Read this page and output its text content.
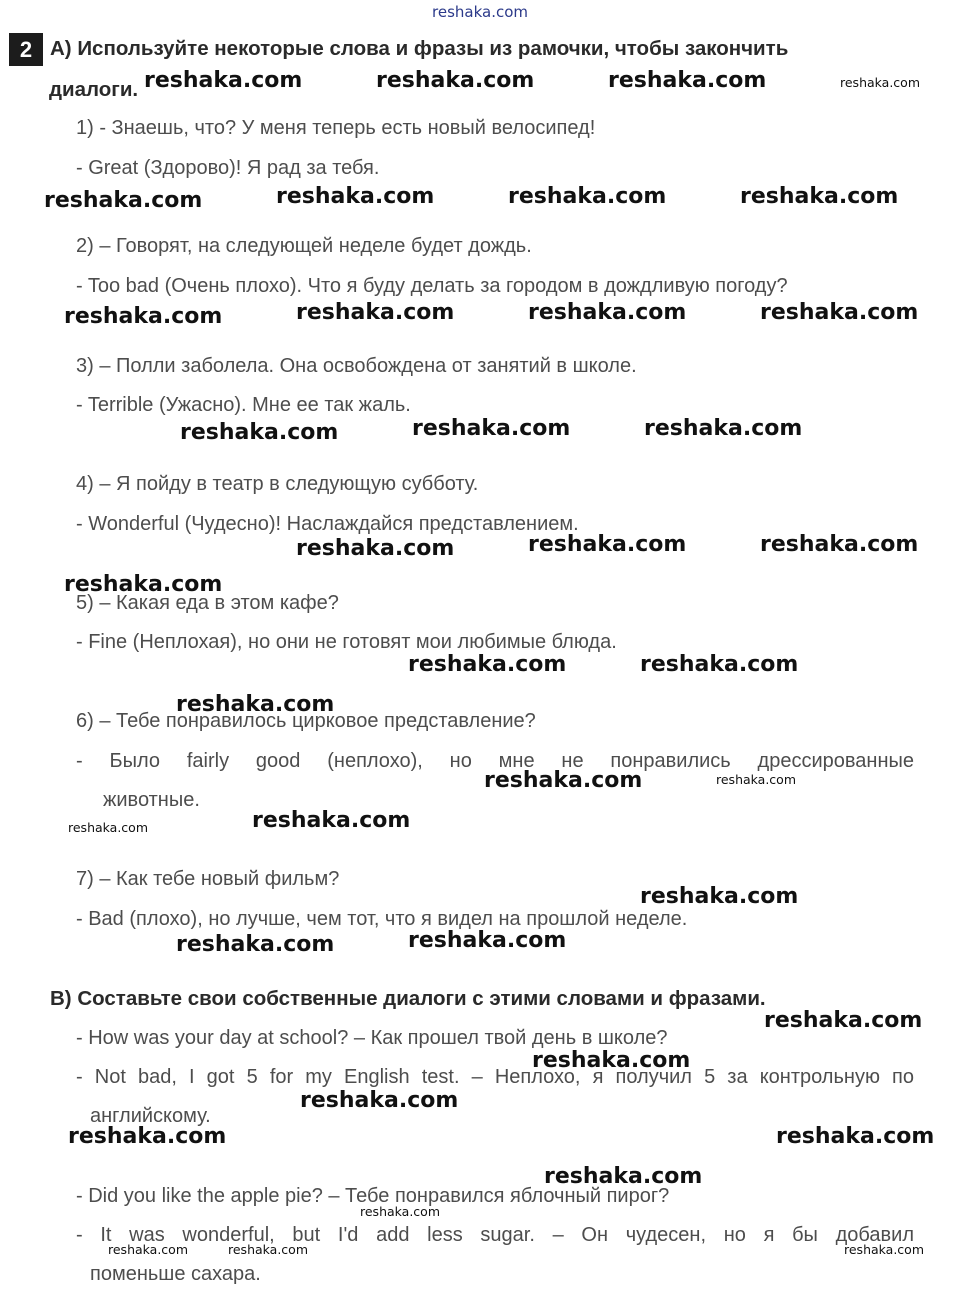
reshaka.com
2 A) Используйте некоторые слова и фразы из рамочки, чтобы закончить
диалоги.
1) - Знаешь, что? У меня теперь есть новый велосипед!
- Great (Здорово)! Я рад за тебя.
2) – Говорят, на следующей неделе будет дождь.
- Too bad (Очень плохо). Что я буду делать за городом в дождливую погоду?
3) – Полли заболела. Она освобождена от занятий в школе.
- Terrible (Ужасно). Мне ее так жаль.
4) – Я пойду в театр в следующую субботу.
- Wonderful (Чудесно)! Наслаждайся представлением.
5) – Какая еда в этом кафе?
- Fine (Неплохая), но они не готовят мои любимые блюда.
6) – Тебе понравилось цирковое представление?
- Было fairly good (неплохо), но мне не понравились дрессированные
животные.
7) – Как тебе новый фильм?
- Bad (плохо), но лучше, чем тот, что я видел на прошлой неделе.
B) Составьте свои собственные диалоги с этими словами и фразами.
- How was your day at school? – Как прошел твой день в школе?
- Not bad, I got 5 for my English test. – Неплохо, я получил 5 за контрольную по
английскому.
- Did you like the apple pie? – Тебе понравился яблочный пирог?
- It was wonderful, but I'd add less sugar. – Он чудесен, но я бы добавил
поменьше сахара.
reshaka.com	reshaka.com	reshaka.com
reshaka.com	reshaka.com	reshaka.com	reshaka.com
reshaka.com	reshaka.com	reshaka.com	reshaka.com
reshaka.com	reshaka.com	reshaka.com
reshaka.com	reshaka.com	reshaka.com
reshaka.com
reshaka.com	reshaka.com
reshaka.com
reshaka.com
reshaka.com
reshaka.com
reshaka.com	reshaka.com
reshaka.com
reshaka.com
reshaka.com
reshaka.com	reshaka.com
reshaka.com
reshaka.com
reshaka.com
reshaka.com
reshaka.com
reshaka.com	reshaka.com	reshaka.com
